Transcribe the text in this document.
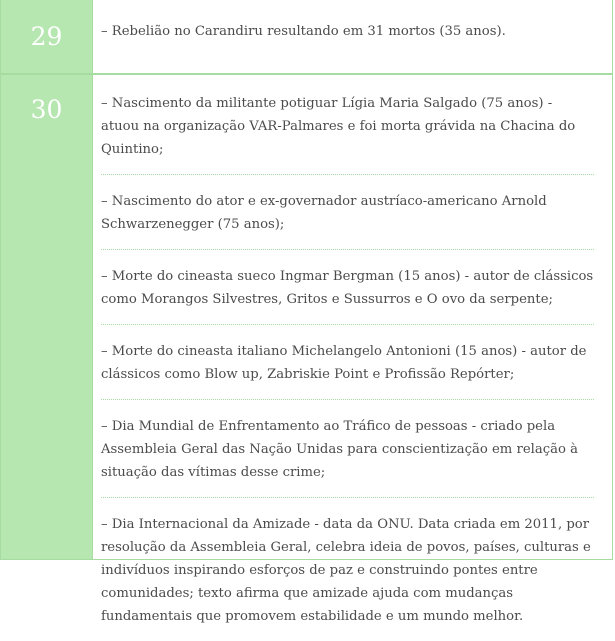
29	– Rebelião no Carandiru resultando em 31 mortos (35 anos).
30	– Nascimento da militante potiguar Lígia Maria Salgado (75 anos) - atuou na organização VAR-Palmares e foi morta grávida na Chacina do Quintino;
– Nascimento do ator e ex-governador austríaco-americano Arnold Schwarzenegger (75 anos);
– Morte do cineasta sueco Ingmar Bergman (15 anos) - autor de clássicos como Morangos Silvestres, Gritos e Sussurros e O ovo da serpente;
– Morte do cineasta italiano Michelangelo Antonioni (15 anos) - autor de clássicos como Blow up, Zabriskie Point e Profissão Repórter;
– Dia Mundial de Enfrentamento ao Tráfico de pessoas - criado pela Assembleia Geral das Nação Unidas para conscientização em relação à situação das vítimas desse crime;
– Dia Internacional da Amizade - data da ONU. Data criada em 2011, por resolução da Assembleia Geral, celebra ideia de povos, países, culturas e indivíduos inspirando esforços de paz e construindo pontes entre comunidades; texto afirma que amizade ajuda com mudanças fundamentais que promovem estabilidade e um mundo melhor.
